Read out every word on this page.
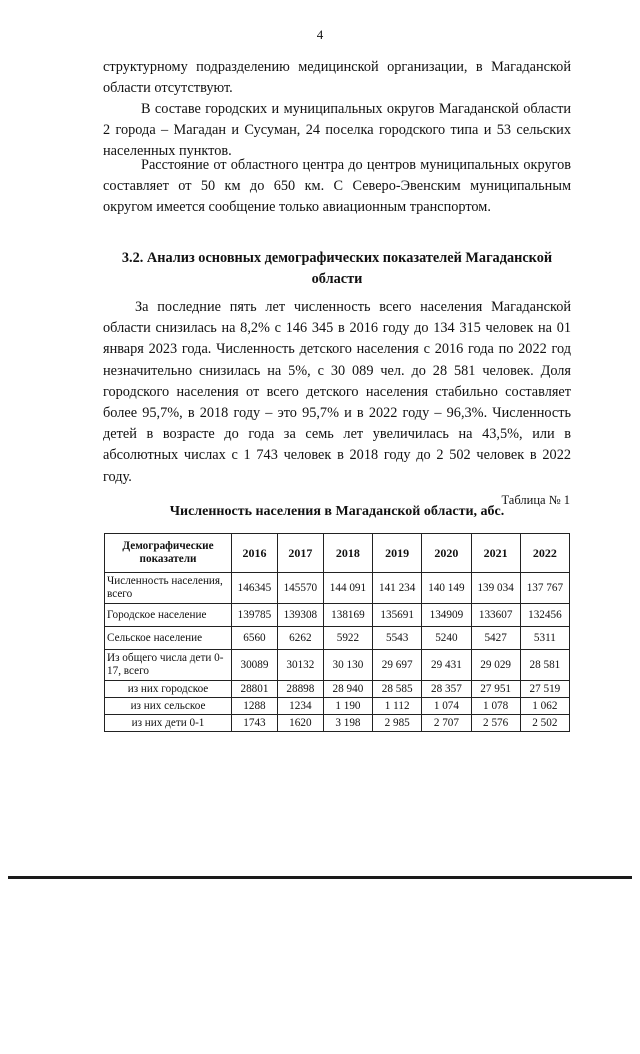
4

структурному подразделению медицинской организации, в Магаданской области отсутствуют.

В составе городских и муниципальных округов Магаданской области 2 города – Магадан и Сусуман, 24 поселка городского типа и 53 сельских населенных пунктов.

Расстояние от областного центра до центров муниципальных округов составляет от 50 км до 650 км. С Северо-Эвенским муниципальным округом имеется сообщение только авиационным транспортом.

3.2. Анализ основных демографических показателей Магаданской области

За последние пять лет численность всего населения Магаданской области снизилась на 8,2% с 146 345 в 2016 году до 134 315 человек на 01 января 2023 года. Численность детского населения с 2016 года по 2022 год незначительно снизилась на 5%, с 30 089 чел. до 28 581 человек. Доля городского населения от всего детского населения стабильно составляет более 95,7%, в 2018 году – это 95,7% и в 2022 году – 96,3%. Численность детей в возрасте до года за семь лет увеличилась на 43,5%, или в абсолютных числах с 1 743 человек в 2018 году до 2 502 человек в 2022 году.

Таблица № 1
Численность населения в Магаданской области, абс.
Демографические показатели	2016	2017	2018	2019	2020	2021	2022
Численность населения, всего	146345	145570	144 091	141 234	140 149	139 034	137 767
Городское население	139785	139308	138169	135691	134909	133607	132456
Сельское население	6560	6262	5922	5543	5240	5427	5311
Из общего числа дети 0-17, всего	30089	30132	30 130	29 697	29 431	29 029	28 581
из них городское	28801	28898	28 940	28 585	28 357	27 951	27 519
из них сельское	1288	1234	1 190	1 112	1 074	1 078	1 062
из них дети 0-1	1743	1620	3 198	2 985	2 707	2 576	2 502
